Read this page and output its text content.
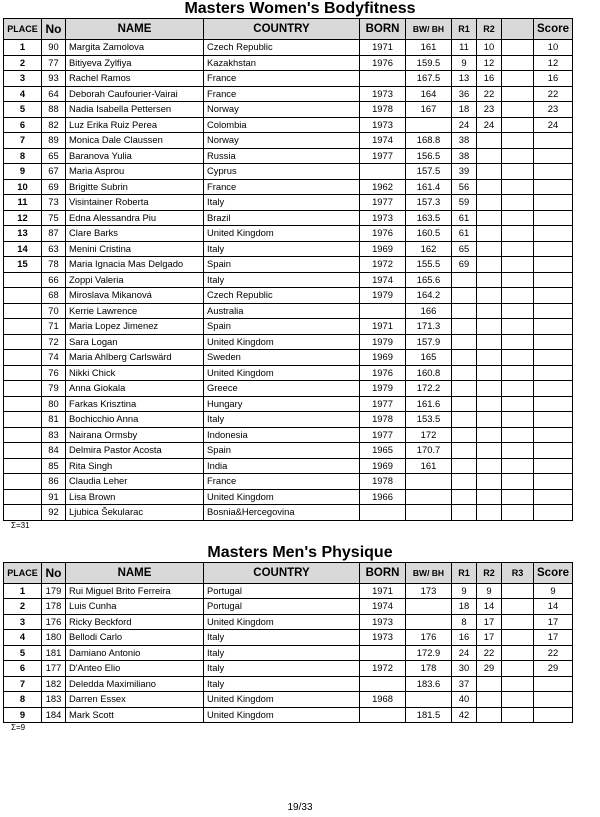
Masters Women's Bodyfitness
PLACE	No	NAME	COUNTRY	BORN	BW/ BH	R1	R2		Score
1	90	Margita Zamolova	Czech Republic	1971	161	11	10		10
2	77	Bitiyeva Zylfiya	Kazakhstan	1976	159.5	9	12		12
3	93	Rachel Ramos	France		167.5	13	16		16
4	64	Deborah Caufourier-Vairai	France	1973	164	36	22		22
5	88	Nadia Isabella Pettersen	Norway	1978	167	18	23		23
6	82	Luz Erika Ruiz Perea	Colombia	1973		24	24		24
7	89	Monica Dale Claussen	Norway	1974	168.8	38			
8	65	Baranova Yulia	Russia	1977	156.5	38			
9	67	Maria Asprou	Cyprus		157.5	39			
10	69	Brigitte Subrin	France	1962	161.4	56			
11	73	Visintainer Roberta	Italy	1977	157.3	59			
12	75	Edna Alessandra Piu	Brazil	1973	163.5	61			
13	87	Clare Barks	United Kingdom	1976	160.5	61			
14	63	Menini Cristina	Italy	1969	162	65			
15	78	Maria Ignacia Mas Delgado	Spain	1972	155.5	69			
	66	Zoppi Valeria	Italy	1974	165.6				
	68	Miroslava Mikanová	Czech Republic	1979	164.2				
	70	Kerrie Lawrence	Australia		166				
	71	Maria Lopez Jimenez	Spain	1971	171.3				
	72	Sara Logan	United Kingdom	1979	157.9				
	74	Maria Ahlberg Carlswärd	Sweden	1969	165				
	76	Nikki Chick	United Kingdom	1976	160.8				
	79	Anna Giokala	Greece	1979	172.2				
	80	Farkas Krisztina	Hungary	1977	161.6				
	81	Bochicchio Anna	Italy	1978	153.5				
	83	Nairana Ormsby	Indonesia	1977	172				
	84	Delmira Pastor Acosta	Spain	1965	170.7				
	85	Rita Singh	India	1969	161				
	86	Claudia Leher	France	1978					
	91	Lisa Brown	United Kingdom	1966					
	92	Ljubica Šekularac	Bosnia&Hercegovina						
Σ=31
Masters Men's Physique
PLACE	No	NAME	COUNTRY	BORN	BW/ BH	R1	R2	R3	Score
1	179	Rui Miguel Brito Ferreira	Portugal	1971	173	9	9		9
2	178	Luis Cunha	Portugal	1974		18	14		14
3	176	Ricky Beckford	United Kingdom	1973		8	17		17
4	180	Bellodi Carlo	Italy	1973	176	16	17		17
5	181	Damiano Antonio	Italy		172.9	24	22		22
6	177	D'Anteo Elio	Italy	1972	178	30	29		29
7	182	Deledda Maximiliano	Italy		183.6	37			
8	183	Darren Essex	United Kingdom	1968		40			
9	184	Mark Scott	United Kingdom		181.5	42			
Σ=9
19/33
